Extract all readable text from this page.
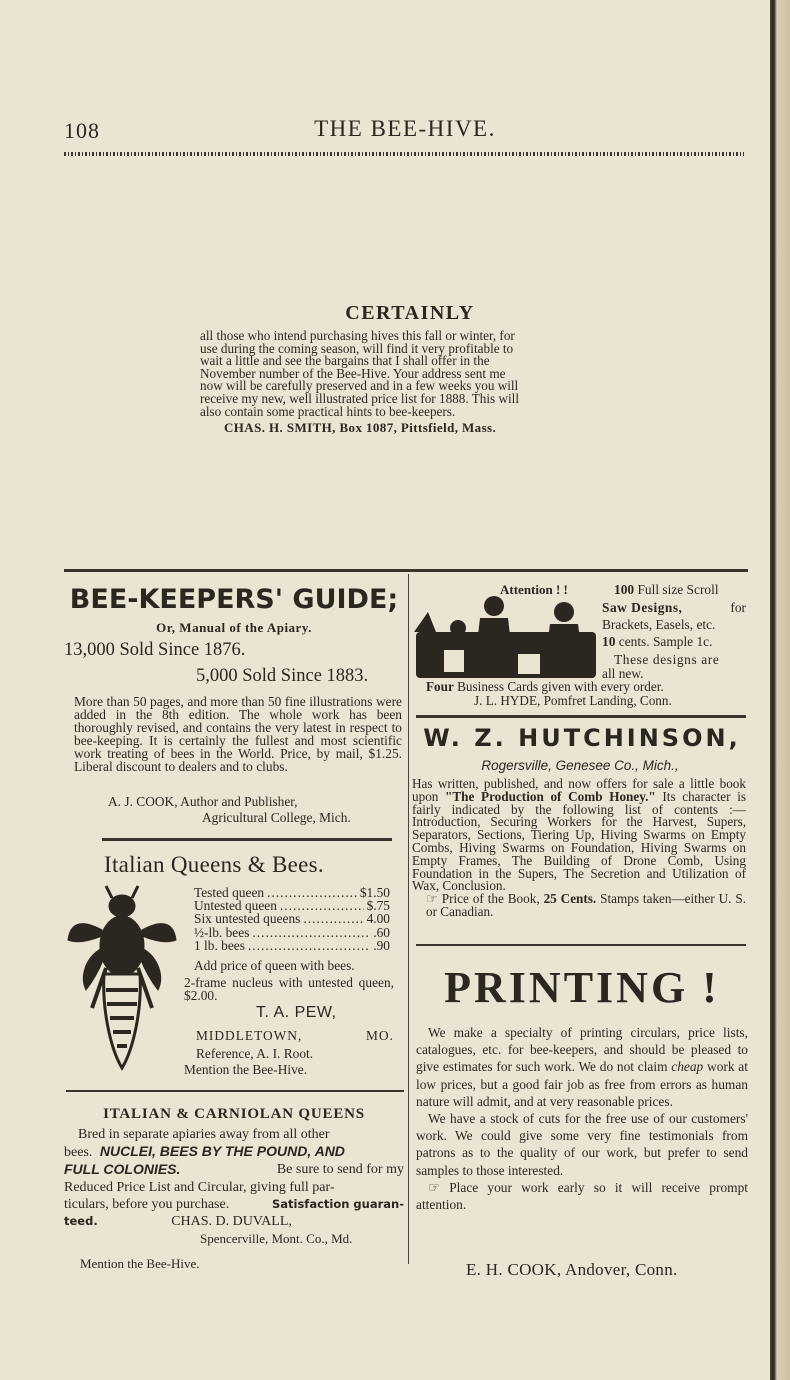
108	THE BEE-HIVE.
CERTAINLY
all those who intend purchasing hives this fall or winter, for
use during the coming season, will find it very profitable to
wait a little and see the bargains that I shall offer in the
November number of the Bee-Hive. Your address sent me
now will be carefully preserved and in a few weeks you will
receive my new, well illustrated price list for 1888. This will
also contain some practical hints to bee-keepers.
CHAS. H. SMITH, Box 1087, Pittsfield, Mass.
BEE-KEEPERS' GUIDE;
Or, Manual of the Apiary.
13,000 Sold Since 1876.
5,000 Sold Since 1883.
More than 50 pages, and more than 50 fine illustrations were added in the 8th edition. The whole work has been thoroughly revised, and contains the very latest in respect to bee-keeping. It is certainly the fullest and most scientific work treating of bees in the World. Price, by mail, $1.25. Liberal discount to dealers and to clubs.
A. J. COOK, Author and Publisher,
Agricultural College, Mich.
Italian Queens & Bees.
Tested queen .....	$1.50
Untested queen .....	$.75
Six untested queens .....	4.00
½-lb. bees .....	.60
1 lb. bees .....	.90
Add price of queen with bees.
2-frame nucleus with untested queen, $2.00.
T. A. PEW,
MIDDLETOWN,	MO.
Reference, A. I. Root.
Mention the Bee-Hive.
ITALIAN & CARNIOLAN QUEENS
Bred in separate apiaries away from all other
bees. NUCLEI, BEES BY THE POUND, AND
FULL COLONIES.	Be sure to send for my
Reduced Price List and Circular, giving full par-
ticulars, before you purchase.	Satisfaction guaran-
teed.	CHAS. D. DUVALL,
Spencerville, Mont. Co., Md.
Mention the Bee-Hive.
Attention ! !	100 Full size Scroll
Saw Designs,	for
Brackets, Easels, etc.
10 cents. Sample 1c.
These designs are
all new.
Four Business Cards given with every order.
J. L. HYDE, Pomfret Landing, Conn.
W. Z. HUTCHINSON,
Rogersville, Genesee Co., Mich.,
Has written, published, and now offers for sale a little book upon "The Production of Comb Honey." Its character is fairly indicated by the following list of contents :—Introduction, Securing Workers for the Harvest, Supers, Separators, Sections, Tiering Up, Hiving Swarms on Empty Combs, Hiving Swarms on Foundation, Hiving Swarms on Empty Frames, The Building of Drone Comb, Using Foundation in the Supers, The Secretion and Utilization of Wax, Conclusion.
☞ Price of the Book, 25 Cents. Stamps taken—either U. S. or Canadian.
PRINTING !
We make a specialty of printing circulars, price lists, catalogues, etc. for bee-keepers, and should be pleased to give estimates for such work. We do not claim cheap work at low prices, but a good fair job as free from errors as human nature will admit, and at very reasonable prices.
We have a stock of cuts for the free use of our customers' work. We could give some very fine testimonials from patrons as to the quality of our work, but prefer to send samples to those interested.
☞ Place your work early so it will receive prompt attention.
E. H. COOK, Andover, Conn.
